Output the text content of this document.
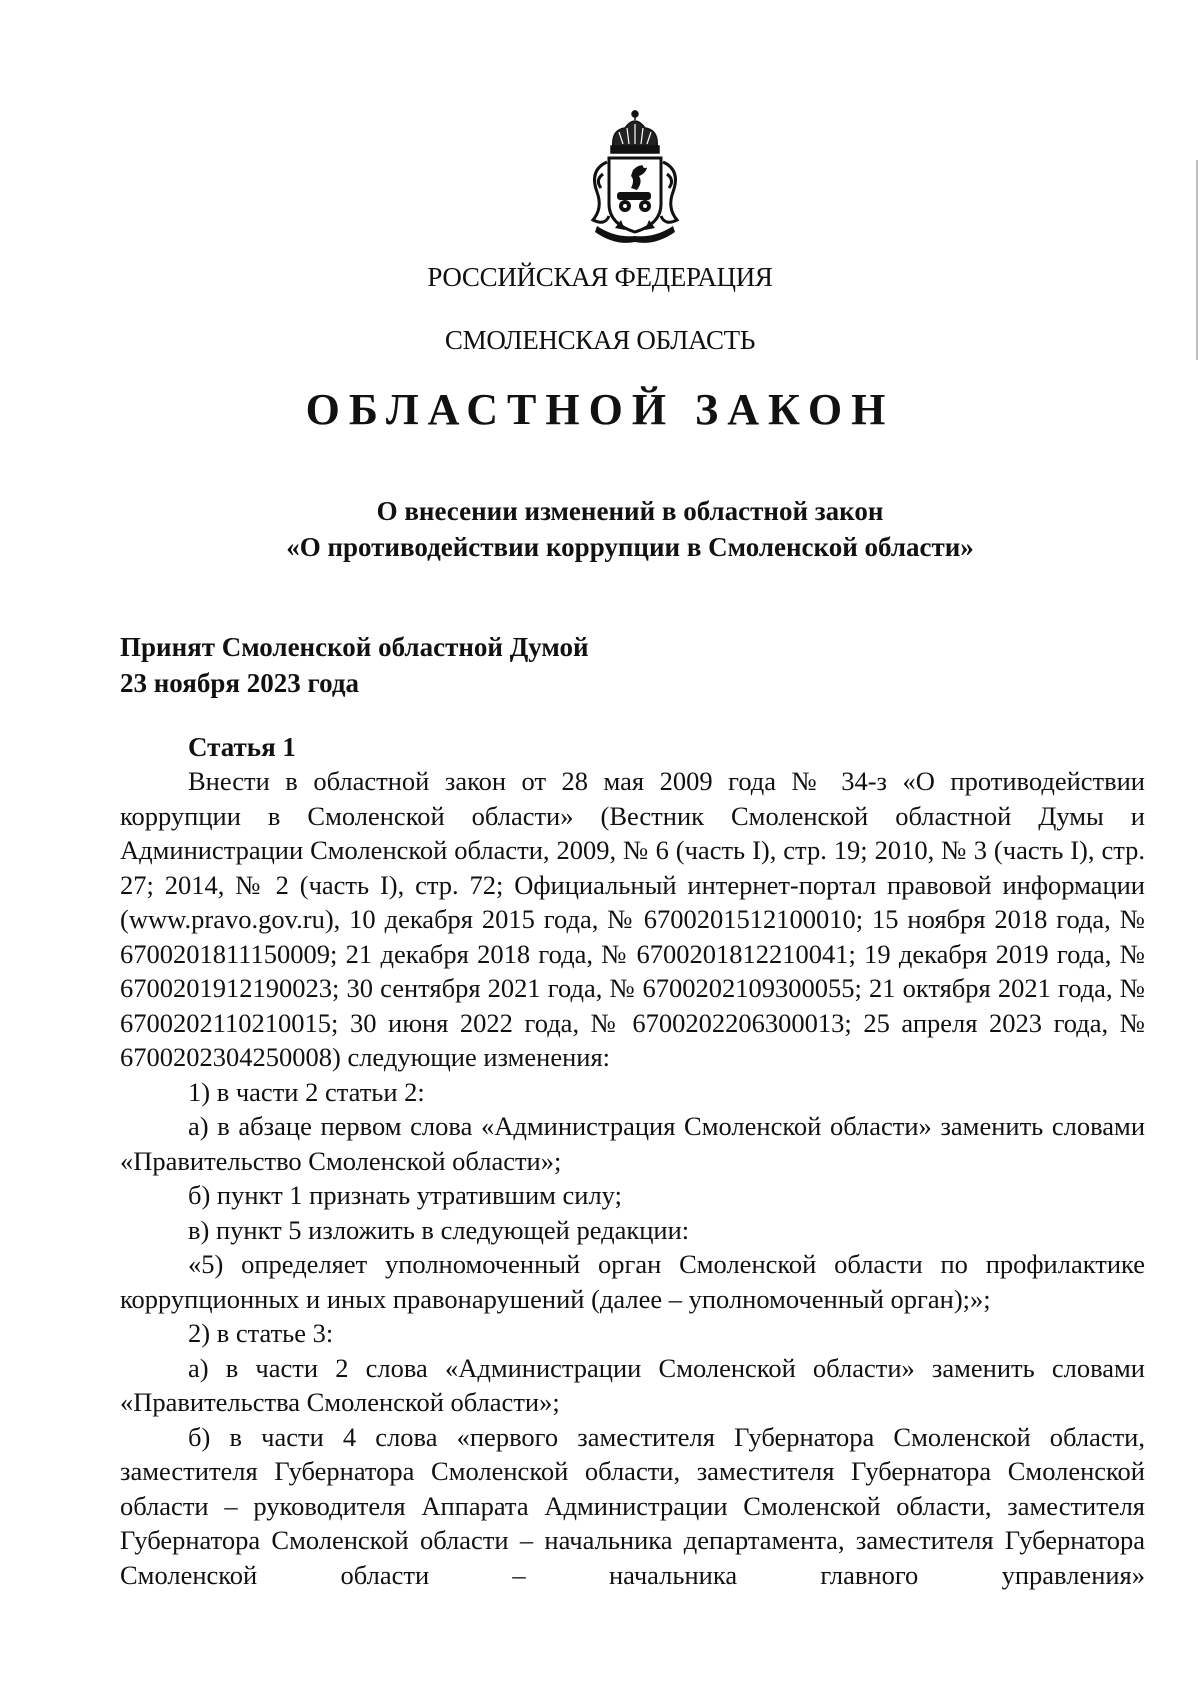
РОССИЙСКАЯ ФЕДЕРАЦИЯ
СМОЛЕНСКАЯ ОБЛАСТЬ
ОБЛАСТНОЙ ЗАКОН
О внесении изменений в областной закон
«О противодействии коррупции в Смоленской области»
Принят Смоленской областной Думой
23 ноября 2023 года
Статья 1

Внести в областной закон от 28 мая 2009 года № 34-з «О противодействии коррупции в Смоленской области» (Вестник Смоленской областной Думы и Администрации Смоленской области, 2009, № 6 (часть I), стр. 19; 2010, № 3 (часть I), стр. 27; 2014, № 2 (часть I), стр. 72; Официальный интернет-портал правовой информации (www.pravo.gov.ru), 10 декабря 2015 года, № 6700201512100010; 15 ноября 2018 года, № 6700201811150009; 21 декабря 2018 года, № 6700201812210041; 19 декабря 2019 года, № 6700201912190023; 30 сентября 2021 года, № 6700202109300055; 21 октября 2021 года, № 6700202110210015; 30 июня 2022 года, № 6700202206300013; 25 апреля 2023 года, № 6700202304250008) следующие изменения:

1) в части 2 статьи 2:

а) в абзаце первом слова «Администрация Смоленской области» заменить словами «Правительство Смоленской области»;

б) пункт 1 признать утратившим силу;

в) пункт 5 изложить в следующей редакции:

«5) определяет уполномоченный орган Смоленской области по профилактике коррупционных и иных правонарушений (далее – уполномоченный орган);»;

2) в статье 3:

а) в части 2 слова «Администрации Смоленской области» заменить словами «Правительства Смоленской области»;

б) в части 4 слова «первого заместителя Губернатора Смоленской области, заместителя Губернатора Смоленской области, заместителя Губернатора Смоленской области – руководителя Аппарата Администрации Смоленской области, заместителя Губернатора Смоленской области – начальника департамента, заместителя Губернатора Смоленской области – начальника главного управления»
